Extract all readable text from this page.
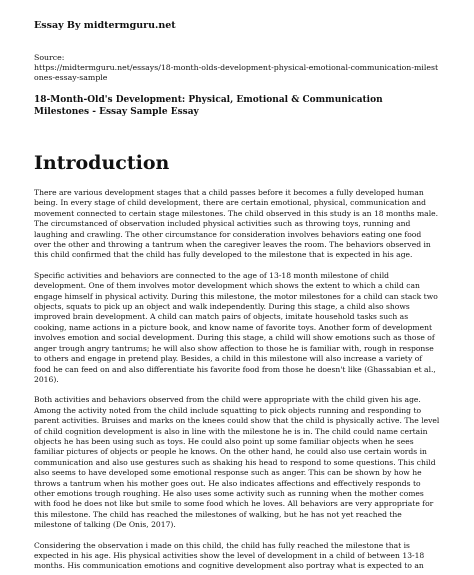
Essay By midtermguru.net
Source:
https://midtermguru.net/essays/18-month-olds-development-physical-emotional-communication-milestones-essay-sample
18-Month-Old's Development: Physical, Emotional & Communication Milestones - Essay Sample Essay
Introduction

There are various development stages that a child passes before it becomes a fully developed human being. In every stage of child development, there are certain emotional, physical, communication and movement connected to certain stage milestones. The child observed in this study is an 18 months male. The circumstanced of observation included physical activities such as throwing toys, running and laughing and crawling. The other circumstance for consideration involves behaviors eating one food over the other and throwing a tantrum when the caregiver leaves the room. The behaviors observed in this child confirmed that the child has fully developed to the milestone that is expected in his age.

Specific activities and behaviors are connected to the age of 13-18 month milestone of child development. One of them involves motor development which shows the extent to which a child can engage himself in physical activity. During this milestone, the motor milestones for a child can stack two objects, squats to pick up an object and walk independently. During this stage, a child also shows improved brain development. A child can match pairs of objects, imitate household tasks such as cooking, name actions in a picture book, and know name of favorite toys. Another form of development involves emotion and social development. During this stage, a child will show emotions such as those of anger trough angry tantrums; he will also show affection to those he is familiar with, rough in response to others and engage in pretend play. Besides, a child in this milestone will also increase a variety of food he can feed on and also differentiate his favorite food from those he doesn't like (Ghassabian et al., 2016).

Both activities and behaviors observed from the child were appropriate with the child given his age. Among the activity noted from the child include squatting to pick objects running and responding to parent activities. Bruises and marks on the knees could show that the child is physically active. The level of child cognition development is also in line with the milestone he is in. The child could name certain objects he has been using such as toys. He could also point up some familiar objects when he sees familiar pictures of objects or people he knows. On the other hand, he could also use certain words in communication and also use gestures such as shaking his head to respond to some questions. This child also seems to have developed some emotional response such as anger. This can be shown by how he throws a tantrum when his mother goes out. He also indicates affections and effectively responds to other emotions trough roughing. He also uses some activity such as running when the mother comes with food he does not like but smile to some food which he loves. All behaviors are very appropriate for this milestone. The child has reached the milestones of walking, but he has not yet reached the milestone of talking (De Onis, 2017).

Considering the observation i made on this child, the child has fully reached the milestone that is expected in his age. His physical activities show the level of development in a child of between 13-18 months. His communication emotions and cognitive development also portray what is expected to an
